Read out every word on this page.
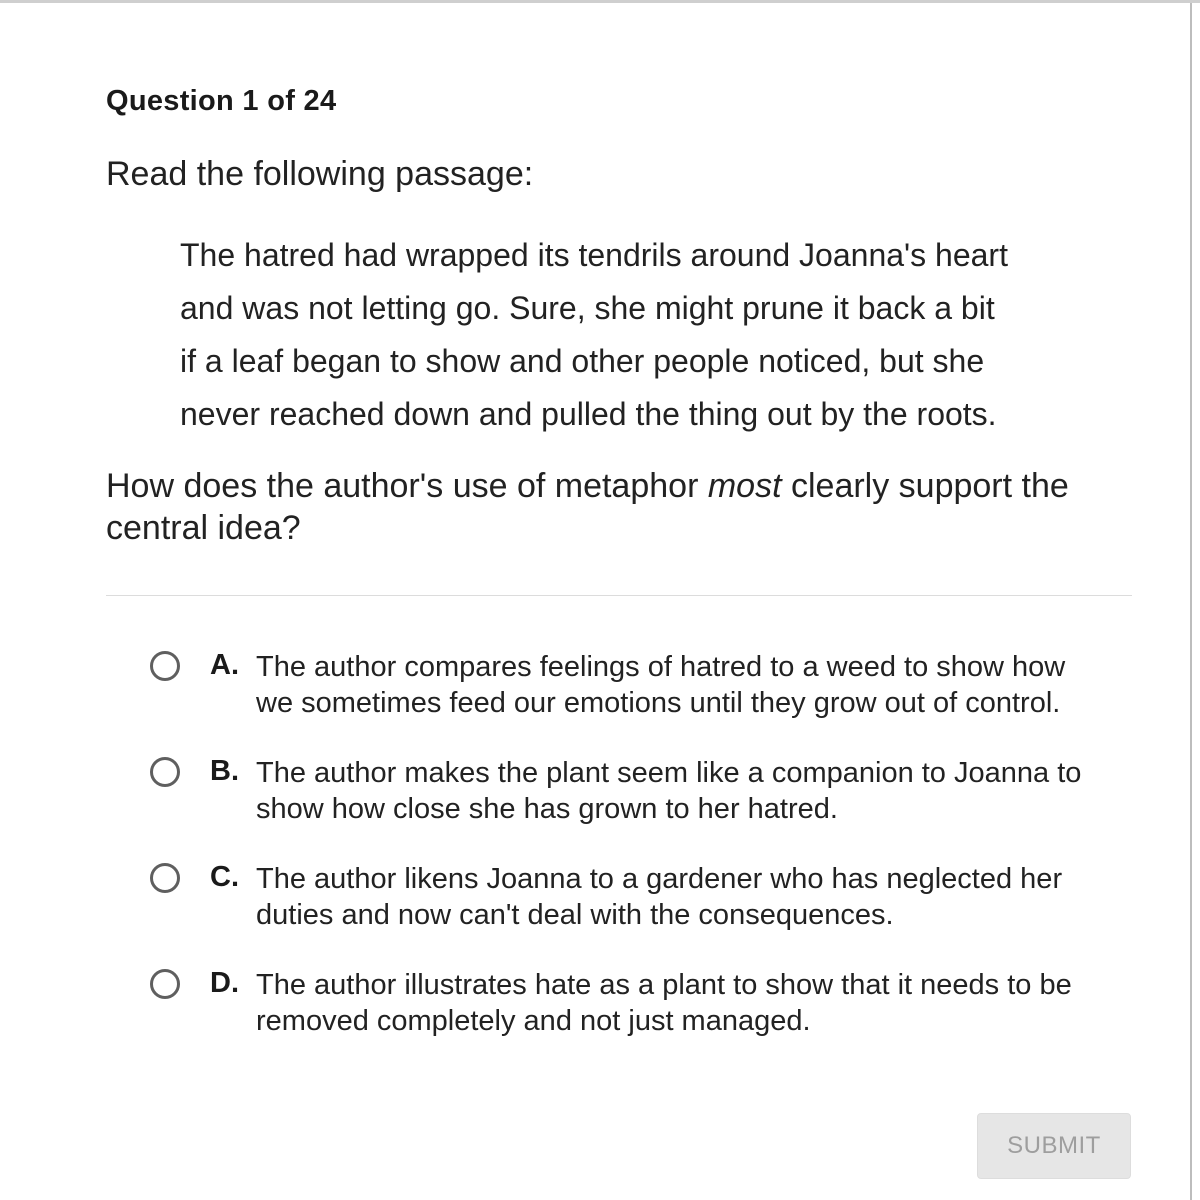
Question 1 of 24
Read the following passage:
The hatred had wrapped its tendrils around Joanna's heart
and was not letting go. Sure, she might prune it back a bit
if a leaf began to show and other people noticed, but she
never reached down and pulled the thing out by the roots.
How does the author's use of metaphor most clearly support the central idea?
A. The author compares feelings of hatred to a weed to show how
we sometimes feed our emotions until they grow out of control.
B. The author makes the plant seem like a companion to Joanna to
show how close she has grown to her hatred.
C. The author likens Joanna to a gardener who has neglected her
duties and now can't deal with the consequences.
D. The author illustrates hate as a plant to show that it needs to be
removed completely and not just managed.
SUBMIT
